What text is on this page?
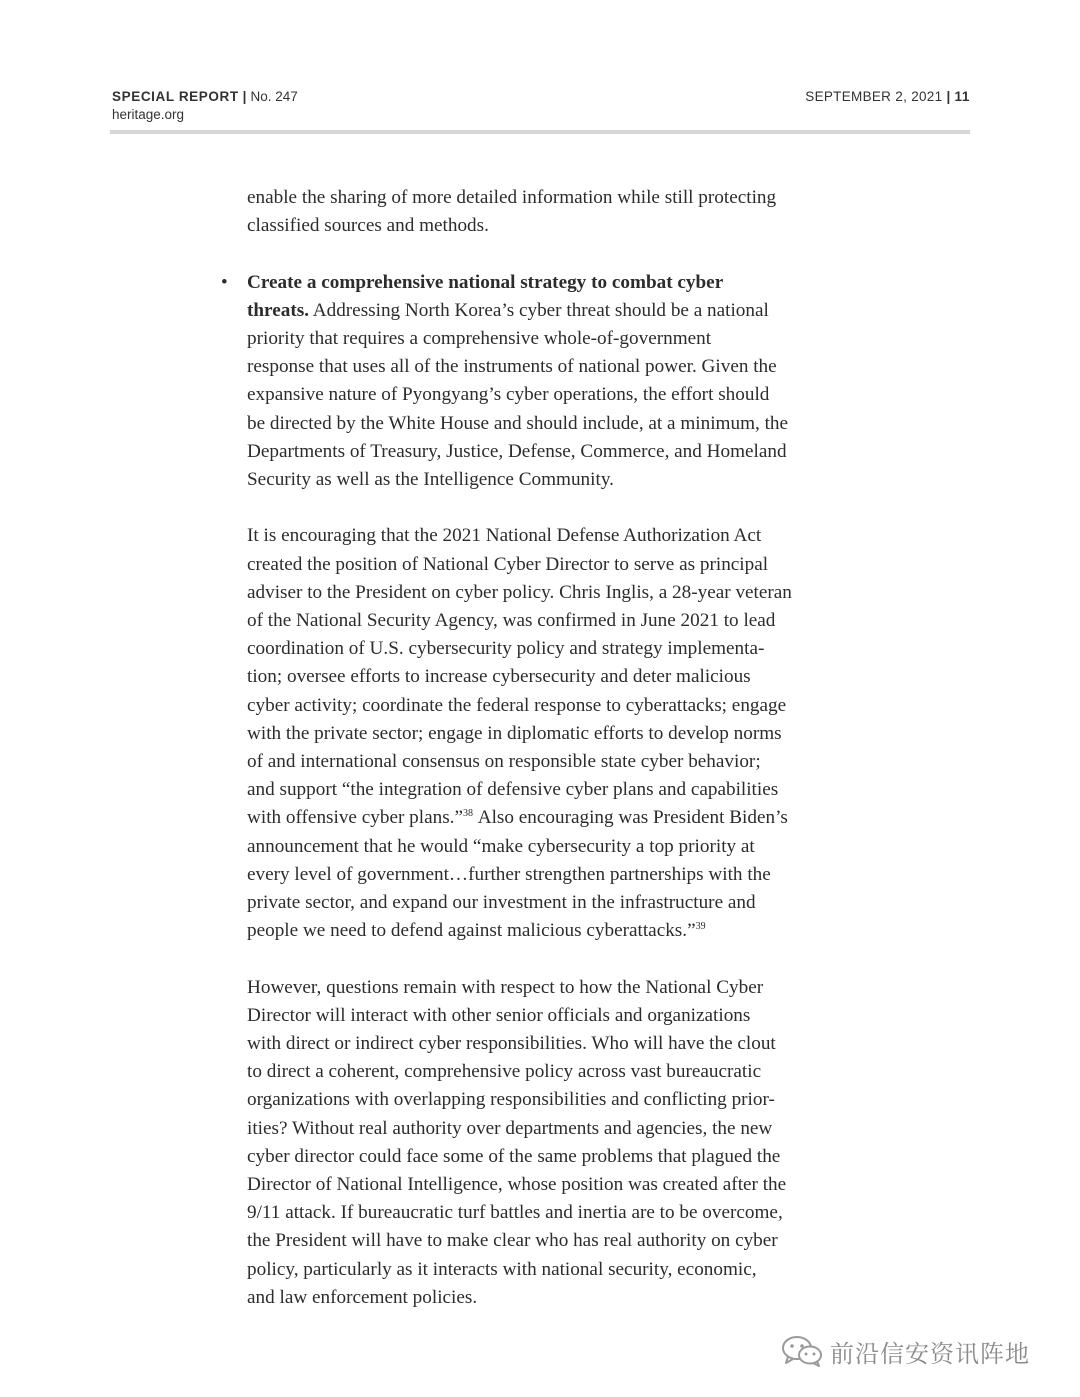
SPECIAL REPORT | No. 247
heritage.org
SEPTEMBER 2, 2021 | 11
enable the sharing of more detailed information while still protecting
classified sources and methods.
• Create a comprehensive national strategy to combat cyber
threats. Addressing North Korea’s cyber threat should be a national
priority that requires a comprehensive whole-of-government
response that uses all of the instruments of national power. Given the
expansive nature of Pyongyang’s cyber operations, the effort should
be directed by the White House and should include, at a minimum, the
Departments of Treasury, Justice, Defense, Commerce, and Homeland
Security as well as the Intelligence Community.
It is encouraging that the 2021 National Defense Authorization Act
created the position of National Cyber Director to serve as principal
adviser to the President on cyber policy. Chris Inglis, a 28-year veteran
of the National Security Agency, was confirmed in June 2021 to lead
coordination of U.S. cybersecurity policy and strategy implementa-
tion; oversee efforts to increase cybersecurity and deter malicious
cyber activity; coordinate the federal response to cyberattacks; engage
with the private sector; engage in diplomatic efforts to develop norms
of and international consensus on responsible state cyber behavior;
and support “the integration of defensive cyber plans and capabilities
with offensive cyber plans.”$^{38}$ Also encouraging was President Biden’s
announcement that he would “make cybersecurity a top priority at
every level of government…further strengthen partnerships with the
private sector, and expand our investment in the infrastructure and
people we need to defend against malicious cyberattacks.”$^{39}$
However, questions remain with respect to how the National Cyber
Director will interact with other senior officials and organizations
with direct or indirect cyber responsibilities. Who will have the clout
to direct a coherent, comprehensive policy across vast bureaucratic
organizations with overlapping responsibilities and conflicting prior-
ities? Without real authority over departments and agencies, the new
cyber director could face some of the same problems that plagued the
Director of National Intelligence, whose position was created after the
9/11 attack. If bureaucratic turf battles and inertia are to be overcome,
the President will have to make clear who has real authority on cyber
policy, particularly as it interacts with national security, economic,
and law enforcement policies.
前沿信安资讯阵地
